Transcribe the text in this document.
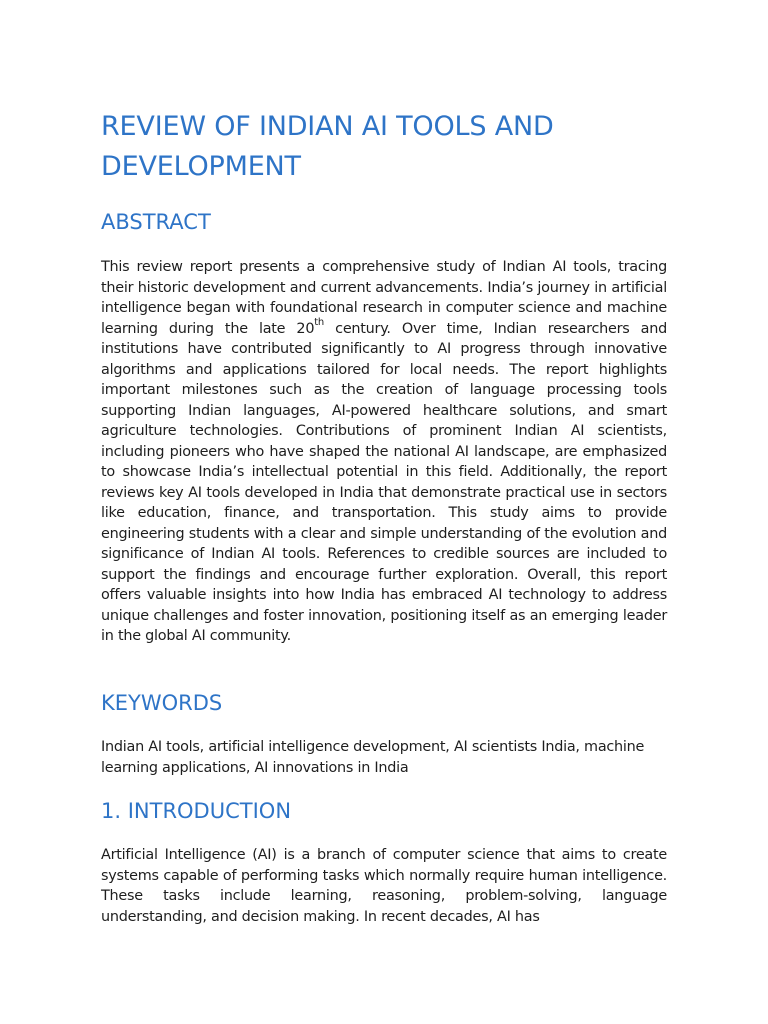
REVIEW OF INDIAN AI TOOLS AND DEVELOPMENT
ABSTRACT

This review report presents a comprehensive study of Indian AI tools, tracing their historic development and current advancements. India’s journey in artificial intelligence began with foundational research in computer science and machine learning during the late 20th century. Over time, Indian researchers and institutions have contributed significantly to AI progress through innovative algorithms and applications tailored for local needs. The report highlights important milestones such as the creation of language processing tools supporting Indian languages, AI-powered healthcare solutions, and smart agriculture technologies. Contributions of prominent Indian AI scientists, including pioneers who have shaped the national AI landscape, are emphasized to showcase India’s intellectual potential in this field. Additionally, the report reviews key AI tools developed in India that demonstrate practical use in sectors like education, finance, and transportation. This study aims to provide engineering students with a clear and simple understanding of the evolution and significance of Indian AI tools. References to credible sources are included to support the findings and encourage further exploration. Overall, this report offers valuable insights into how India has embraced AI technology to address unique challenges and foster innovation, positioning itself as an emerging leader in the global AI community.

KEYWORDS

Indian AI tools, artificial intelligence development, AI scientists India, machine learning applications, AI innovations in India

1. INTRODUCTION

Artificial Intelligence (AI) is a branch of computer science that aims to create systems capable of performing tasks which normally require human intelligence. These tasks include learning, reasoning, problem-solving, language understanding, and decision making. In recent decades, AI has
